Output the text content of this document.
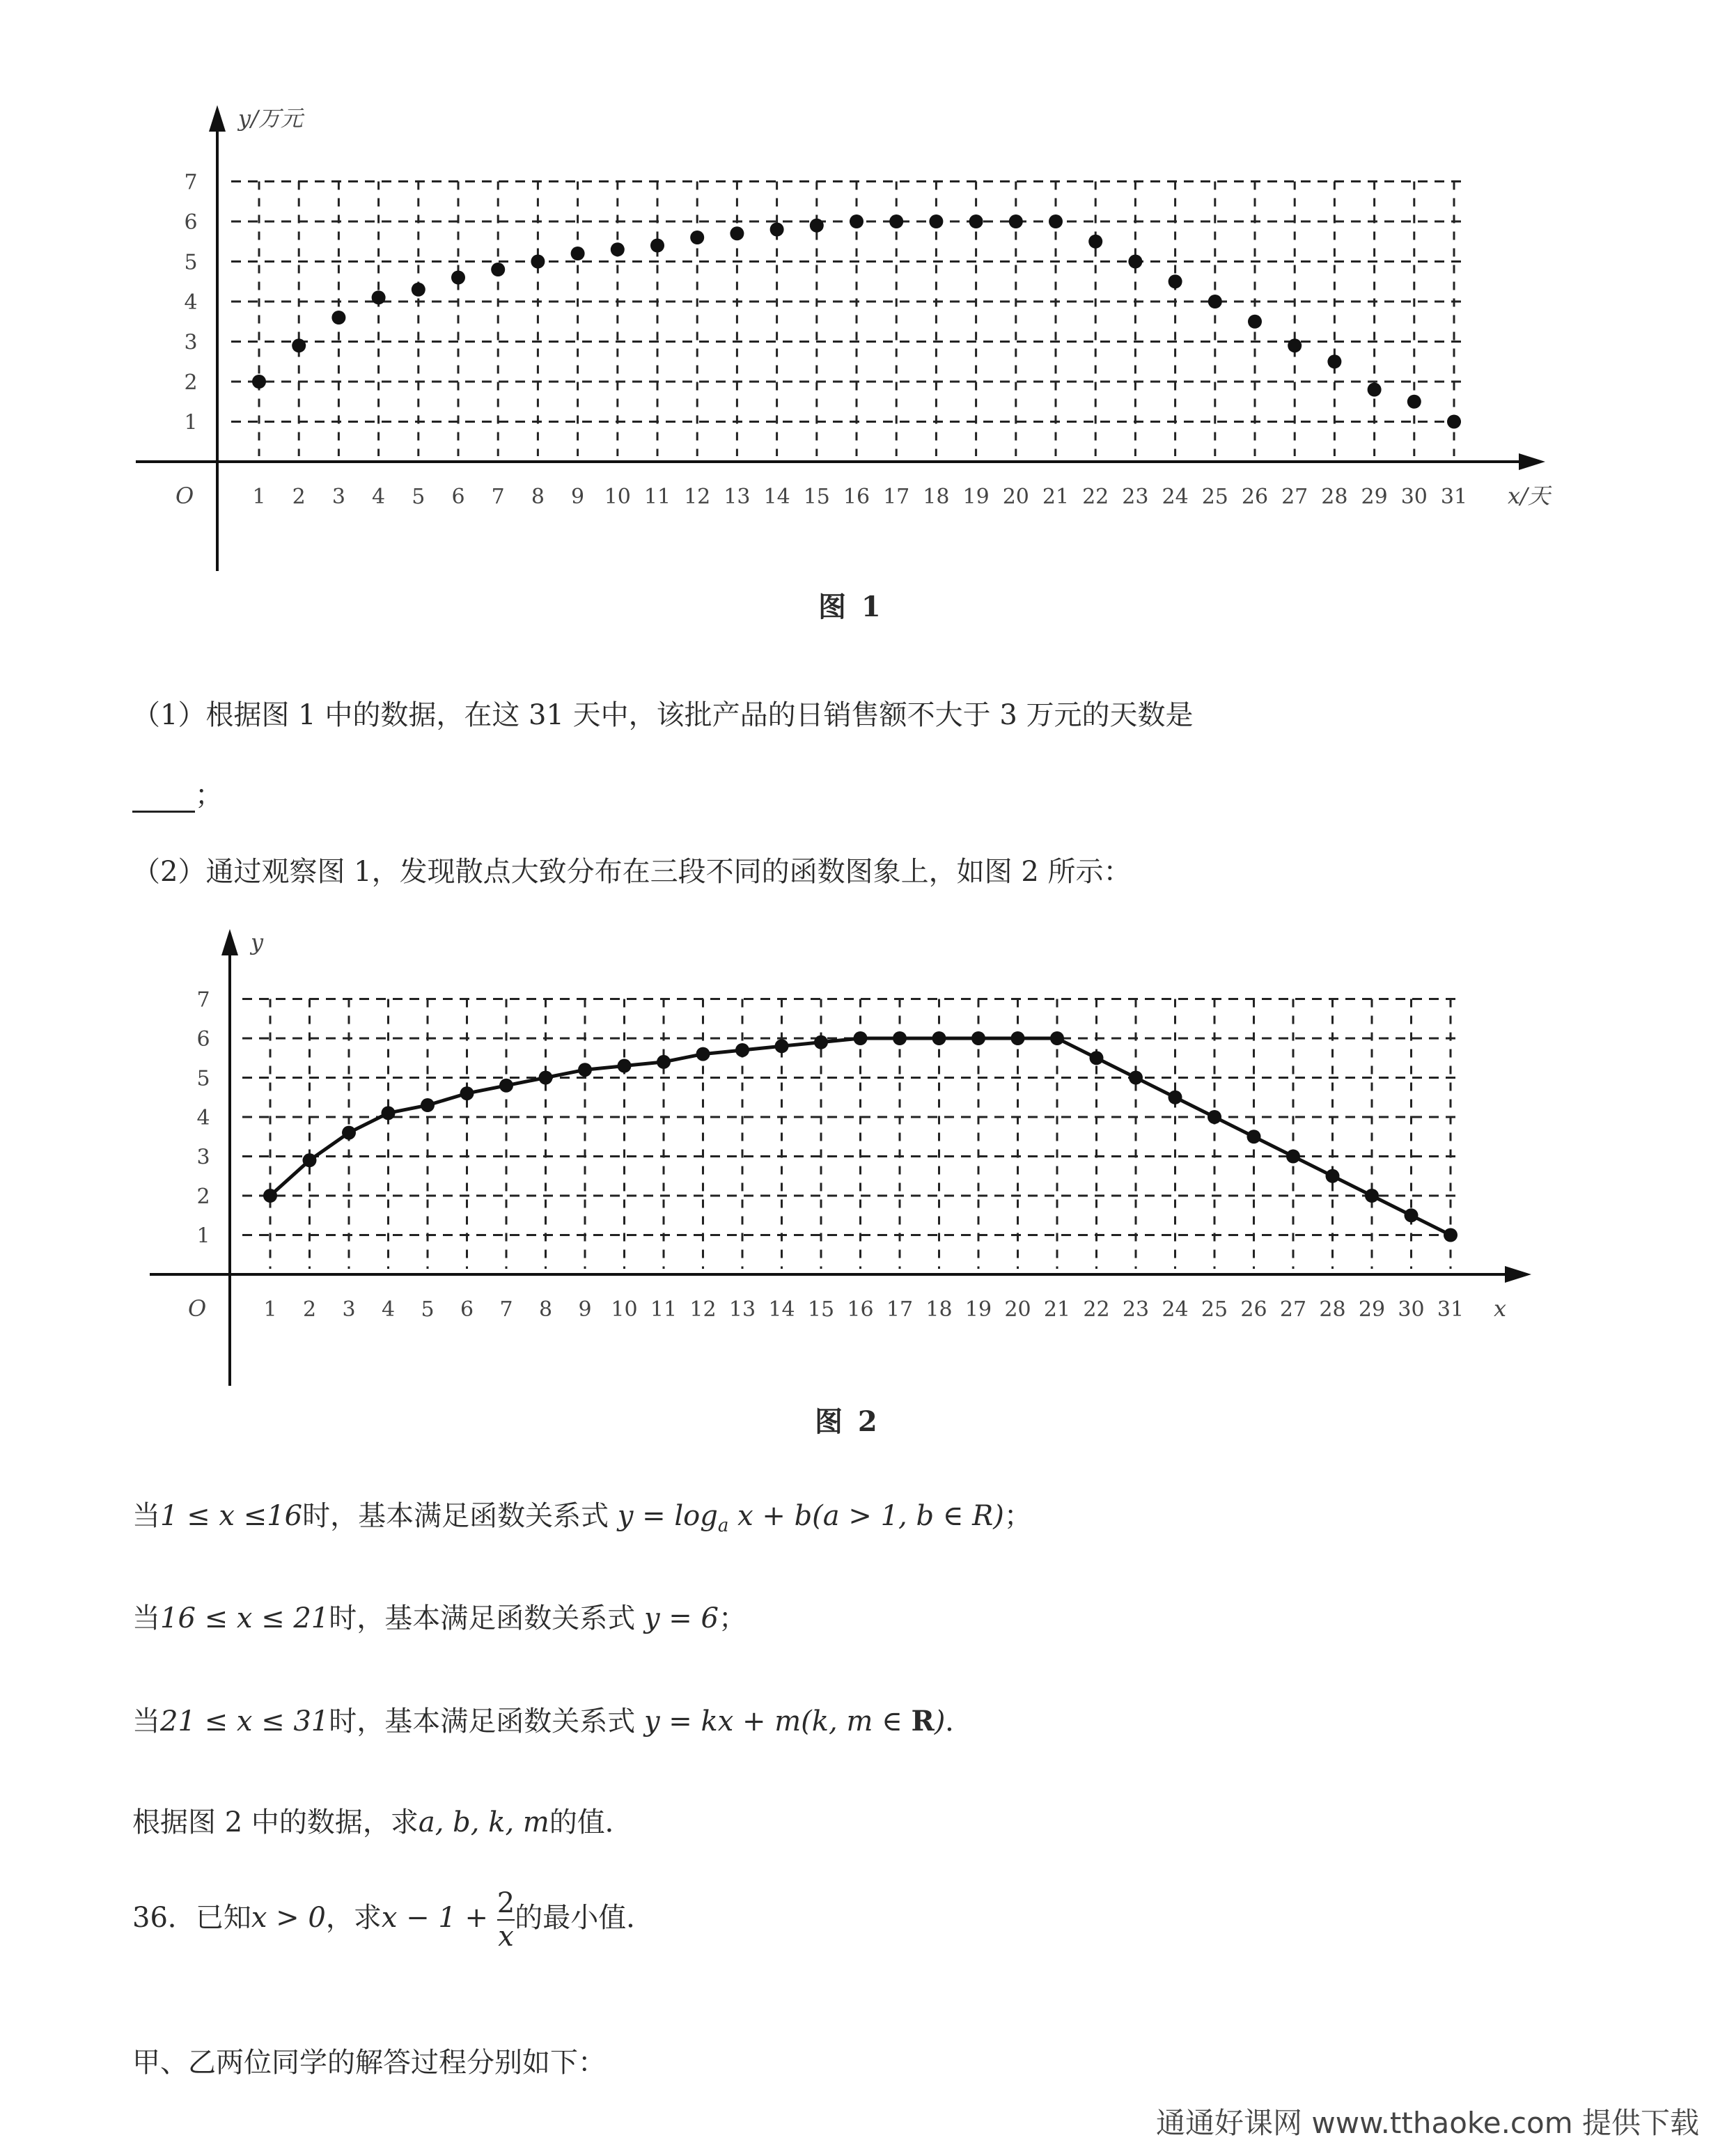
y/万元
x/天
O	1 2 3 4 5 6 7 8 9 10 11 12 13 14 15 16 17 18 19 20 21 22 23 24 25 26 27 28 29 30 31
1
2
3
4
5
6
7
图 1
（1）根据图 1 中的数据，在这 31 天中，该批产品的日销售额不大于 3 万元的天数是
；
（2）通过观察图 1，发现散点大致分布在三段不同的函数图象上，如图 2 所示：
y
x
O	1 2 3 4 5 6 7 8 9 10 11 12 13 14 15 16 17 18 19 20 21 22 23 24 25 26 27 28 29 30 31
1
2
3
4
5
6
7
图 2
当1 ≤ x ≤16时，基本满足函数关系式 $y = \log_a x + b(a > 1$, b ∈ R)；
当16 ≤ x ≤ 21时，基本满足函数关系式 y = 6；
当21 ≤ x ≤ 31时，基本满足函数关系式 y = kx + m(k, m ∈ R)．
根据图 2 中的数据，求a, b, k, m的值．
36．已知x > 0，求$x - 1 + \frac{2}{x}$ 的最小值．
甲、乙两位同学的解答过程分别如下：
通通好课网 www.tthaoke.com 提供下载
